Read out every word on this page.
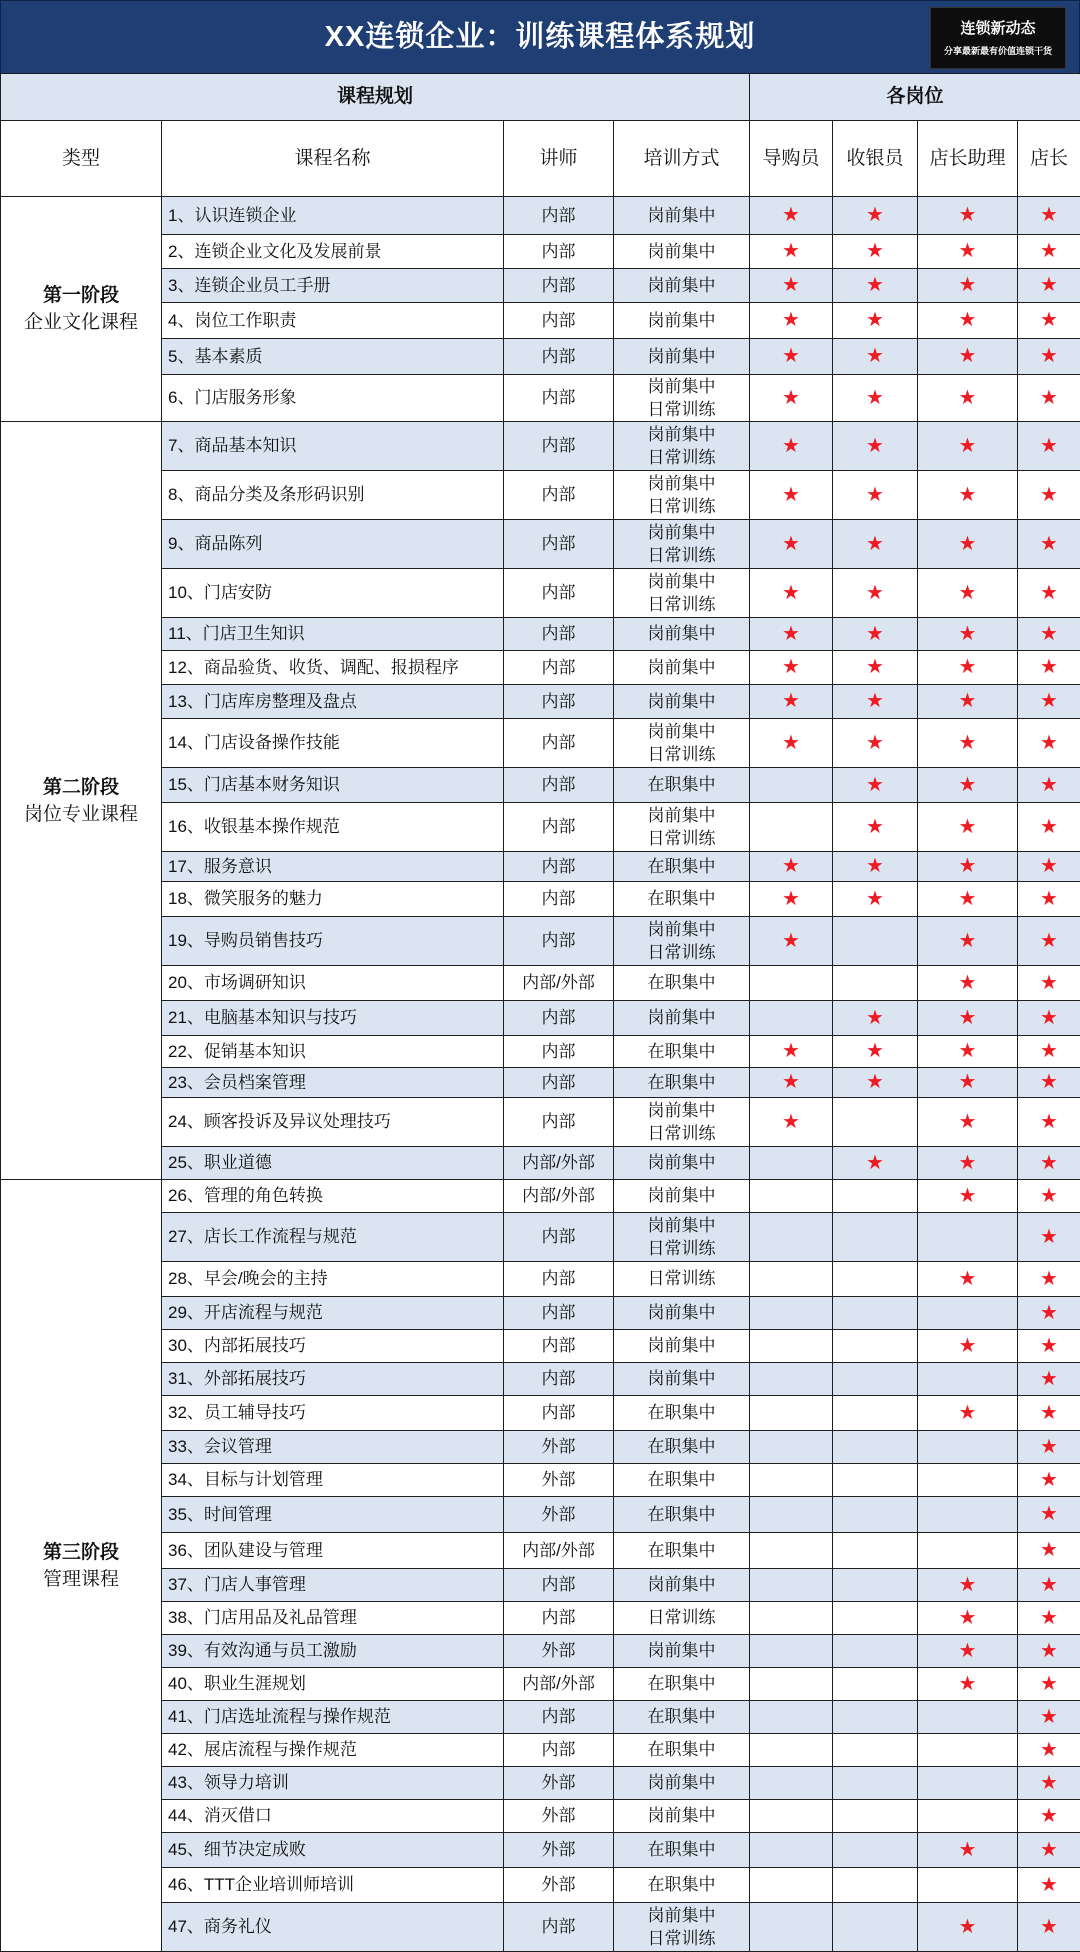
XX连锁企业：训练课程体系规划	连锁新动态
分享最新最有价值连锁干货
课程规划				各岗位			
类型	课程名称	讲师	培训方式	导购员	收银员	店长助理	店长

第一阶段
企业文化课程	1、认识连锁企业	内部	岗前集中	★	★	★	★
	2、连锁企业文化及发展前景	内部	岗前集中	★	★	★	★
	3、连锁企业员工手册	内部	岗前集中	★	★	★	★
	4、岗位工作职责	内部	岗前集中	★	★	★	★
	5、基本素质	内部	岗前集中	★	★	★	★
	6、门店服务形象	内部	岗前集中
日常训练	★	★	★	★

第二阶段
岗位专业课程	7、商品基本知识	内部	岗前集中
日常训练	★	★	★	★
	8、商品分类及条形码识别	内部	岗前集中
日常训练	★	★	★	★
	9、商品陈列	内部	岗前集中
日常训练	★	★	★	★
	10、门店安防	内部	岗前集中
日常训练	★	★	★	★
	11、门店卫生知识	内部	岗前集中	★	★	★	★
	12、商品验货、收货、调配、报损程序	内部	岗前集中	★	★	★	★
	13、门店库房整理及盘点	内部	岗前集中	★	★	★	★
	14、门店设备操作技能	内部	岗前集中
日常训练	★	★	★	★
	15、门店基本财务知识	内部	在职集中		★	★	★
	16、收银基本操作规范	内部	岗前集中
日常训练		★	★	★
	17、服务意识	内部	在职集中	★	★	★	★
	18、微笑服务的魅力	内部	在职集中	★	★	★	★
	19、导购员销售技巧	内部	岗前集中
日常训练	★		★	★
	20、市场调研知识	内部/外部	在职集中			★	★
	21、电脑基本知识与技巧	内部	岗前集中		★	★	★
	22、促销基本知识	内部	在职集中	★	★	★	★
	23、会员档案管理	内部	在职集中	★	★	★	★
	24、顾客投诉及异议处理技巧	内部	岗前集中
日常训练	★		★	★
	25、职业道德	内部/外部	岗前集中		★	★	★

第三阶段
管理课程	26、管理的角色转换	内部/外部	岗前集中			★	★
	27、店长工作流程与规范	内部	岗前集中
日常训练				★
	28、早会/晚会的主持	内部	日常训练			★	★
	29、开店流程与规范	内部	岗前集中				★
	30、内部拓展技巧	内部	岗前集中			★	★
	31、外部拓展技巧	内部	岗前集中				★
	32、员工辅导技巧	内部	在职集中			★	★
	33、会议管理	外部	在职集中				★
	34、目标与计划管理	外部	在职集中				★
	35、时间管理	外部	在职集中				★
	36、团队建设与管理	内部/外部	在职集中				★
	37、门店人事管理	内部	岗前集中			★	★
	38、门店用品及礼品管理	内部	日常训练			★	★
	39、有效沟通与员工激励	外部	岗前集中			★	★
	40、职业生涯规划	内部/外部	在职集中			★	★
	41、门店选址流程与操作规范	内部	在职集中				★
	42、展店流程与操作规范	内部	在职集中				★
	43、领导力培训	外部	岗前集中				★
	44、消灭借口	外部	岗前集中				★
	45、细节决定成败	外部	在职集中			★	★
	46、TTT企业培训师培训	外部	在职集中				★
	47、商务礼仪	内部	岗前集中
日常训练			★	★
